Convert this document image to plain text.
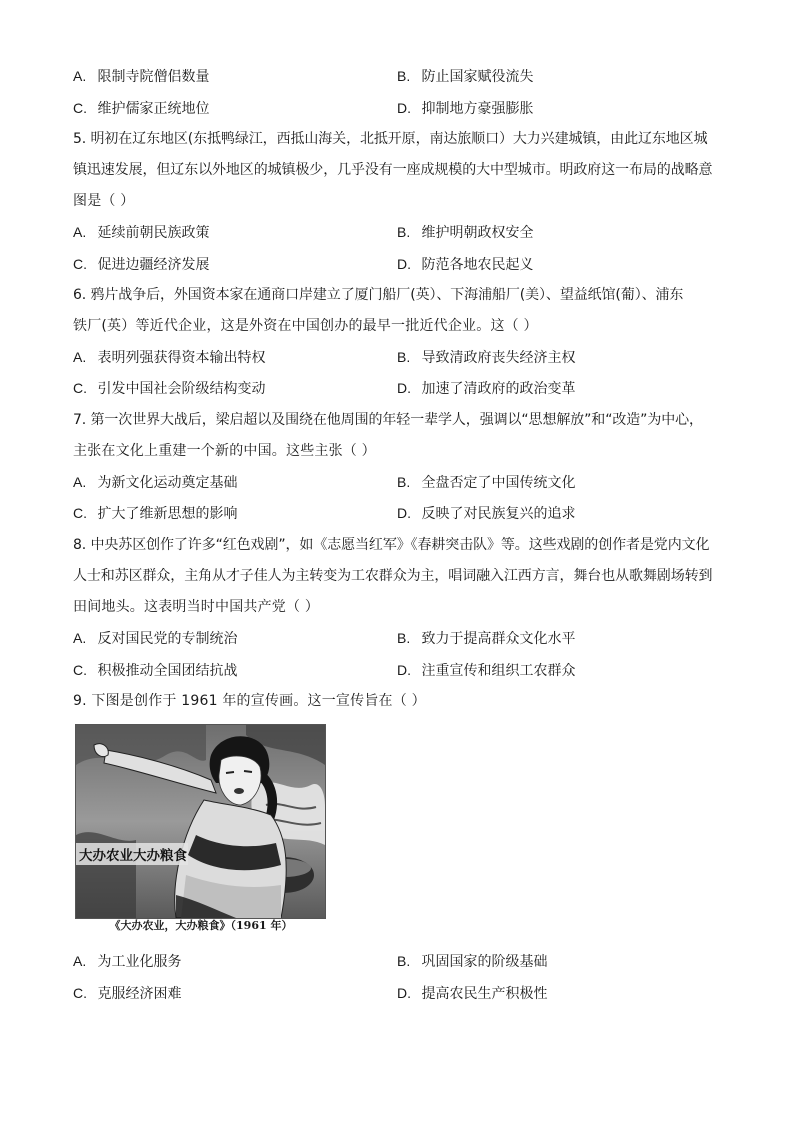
A. 限制寺院僧侣数量	B. 防止国家赋役流失
C. 维护儒家正统地位	D. 抑制地方豪强膨胀
5. 明初在辽东地区(东抵鸭绿江，西抵山海关，北抵开原，南达旅顺口）大力兴建城镇，由此辽东地区城
镇迅速发展，但辽东以外地区的城镇极少，几乎没有一座成规模的大中型城市。明政府这一布局的战略意
图是（ ）
A. 延续前朝民族政策	B. 维护明朝政权安全
C. 促进边疆经济发展	D. 防范各地农民起义
6. 鸦片战争后，外国资本家在通商口岸建立了厦门船厂(英）、下海浦船厂(美）、望益纸馆(葡）、浦东
铁厂(英）等近代企业，这是外资在中国创办的最早一批近代企业。这（ ）
A. 表明列强获得资本输出特权	B. 导致清政府丧失经济主权
C. 引发中国社会阶级结构变动	D. 加速了清政府的政治变革
7. 第一次世界大战后，梁启超以及围绕在他周围的年轻一辈学人，强调以“思想解放”和“改造”为中心，
主张在文化上重建一个新的中国。这些主张（ ）
A. 为新文化运动奠定基础	B. 全盘否定了中国传统文化
C. 扩大了维新思想的影响	D. 反映了对民族复兴的追求
8. 中央苏区创作了许多“红色戏剧”，如《志愿当红军》《春耕突击队》等。这些戏剧的创作者是党内文化
人士和苏区群众，主角从才子佳人为主转变为工农群众为主，唱词融入江西方言，舞台也从歌舞剧场转到
田间地头。这表明当时中国共产党（ ）
A. 反对国民党的专制统治	B. 致力于提高群众文化水平
C. 积极推动全国团结抗战	D. 注重宣传和组织工农群众
9. 下图是创作于 1961 年的宣传画。这一宣传旨在（ ）
大办农业大办粮食
《大办农业，大办粮食》（1961 年）
A. 为工业化服务	B. 巩固国家的阶级基础
C. 克服经济困难	D. 提高农民生产积极性
